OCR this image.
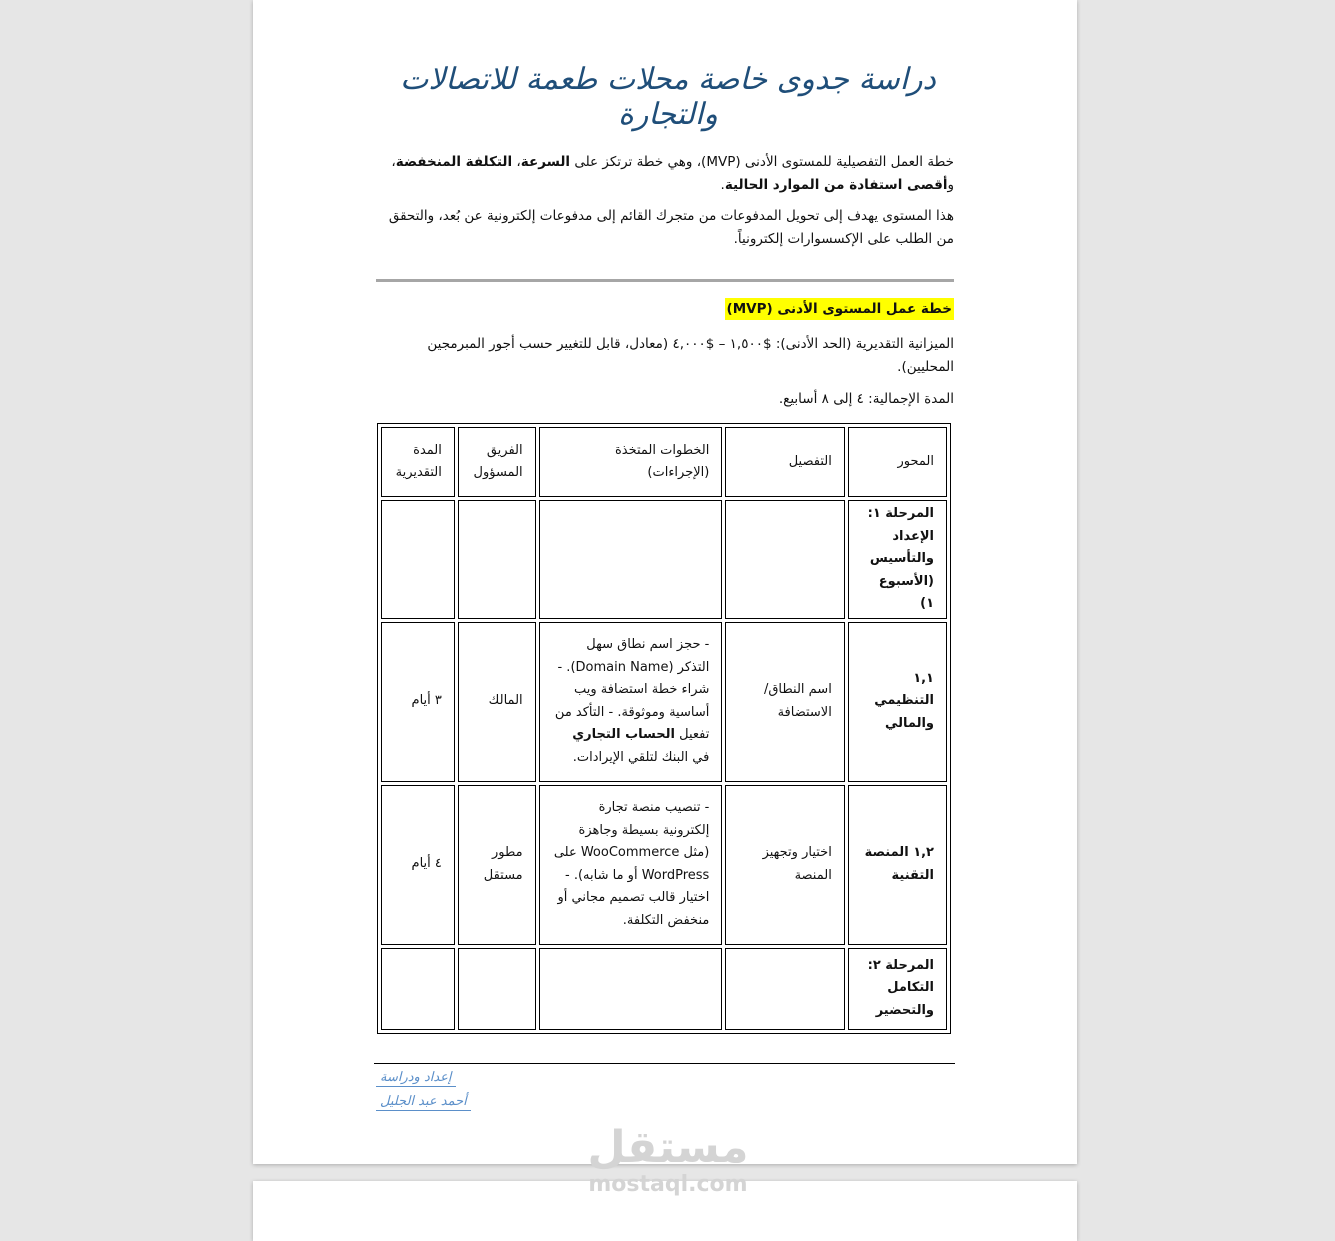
دراسة جدوى خاصة محلات طعمة للاتصالات والتجارة

خطة العمل التفصيلية للمستوى الأدنى (MVP)، وهي خطة ترتكز على السرعة، التكلفة المنخفضة، وأقصى استفادة من الموارد الحالية.

هذا المستوى يهدف إلى تحويل المدفوعات من متجرك القائم إلى مدفوعات إلكترونية عن بُعد، والتحقق من الطلب على الإكسسوارات إلكترونياً.

خطة عمل المستوى الأدنى (MVP)

الميزانية التقديرية (الحد الأدنى): $١,٥٠٠ – $٤,٠٠٠ (معادل، قابل للتغيير حسب أجور المبرمجين المحليين).

المدة الإجمالية: ٤ إلى ٨ أسابيع.

المحور	التفصيل	الخطوات المتخذة (الإجراءات)	الفريق المسؤول	المدة التقديرية
المرحلة ١: الإعداد والتأسيس (الأسبوع ١)				
١,١ التنظيمي والمالي	اسم النطاق/الاستضافة	- حجز اسم نطاق سهل التذكر (Domain Name). - شراء خطة استضافة ويب أساسية وموثوقة. - التأكد من تفعيل الحساب التجاري في البنك لتلقي الإيرادات.	المالك	٣ أيام
١,٢ المنصة التقنية	اختيار وتجهيز المنصة	- تنصيب منصة تجارة إلكترونية بسيطة وجاهزة (مثل WooCommerce على WordPress أو ما شابه). - اختيار قالب تصميم مجاني أو منخفض التكلفة.	مطور مستقل	٤ أيام
المرحلة ٢: التكامل والتحضير				
إعداد ودراسة
أحمد عبد الجليل
مستقل
mostaql.com
